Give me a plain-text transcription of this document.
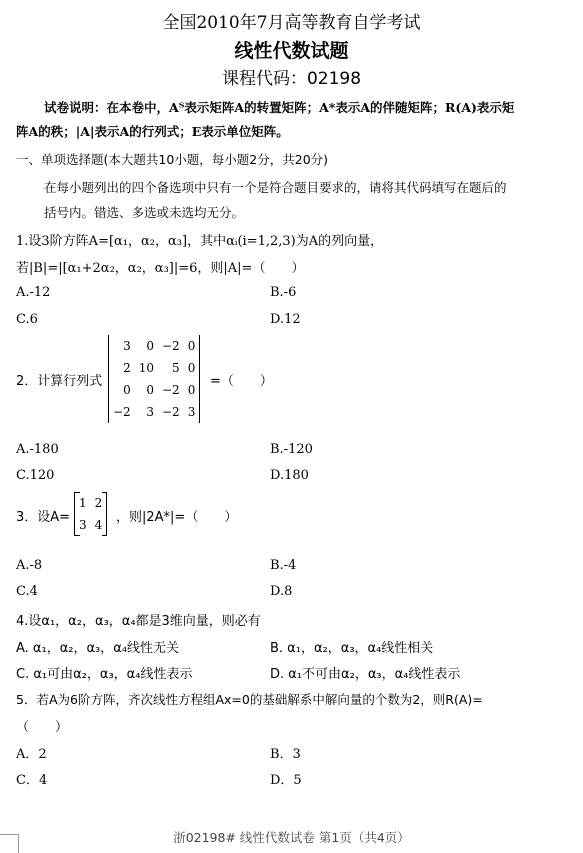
全国2010年7月高等教育自学考试
线性代数试题
课程代码：02198
试卷说明：在本卷中，Aᵀ表示矩阵A的转置矩阵；A*表示A的伴随矩阵；R(A)表示矩
阵A的秩；|A|表示A的行列式；E表示单位矩阵。
一、单项选择题(本大题共10小题，每小题2分，共20分)
在每小题列出的四个备选项中只有一个是符合题目要求的，请将其代码填写在题后的
括号内。错选、多选或未选均无分。
1.设3阶方阵A=[α₁，α₂，α₃]，其中αᵢ(i=1,2,3)为A的列向量，
若|B|=|[α₁+2α₂，α₂，α₃]|=6，则|A|=（　　）
A.-12	B.-6
C.6	D.12
2．计算行列式
3	0	−2	0
2	10	5	0
0	0	−2	0
−2	3	−2	3
=（　　）
A.-180	B.-120
C.120	D.180
3．设A=
1	2
3	4 ，则|2A*|=（　　）
A.-8	B.-4
C.4	D.8
4.设α₁，α₂，α₃，α₄都是3维向量，则必有
A. α₁，α₂，α₃，α₄线性无关	B. α₁，α₂，α₃，α₄线性相关
C. α₁可由α₂，α₃，α₄线性表示	D. α₁不可由α₂，α₃，α₄线性表示
5．若A为6阶方阵，齐次线性方程组Ax=0的基础解系中解向量的个数为2，则R(A)=
（　　）
A．2	B．3
C．4	D．5
浙02198# 线性代数试卷 第1页（共4页）
